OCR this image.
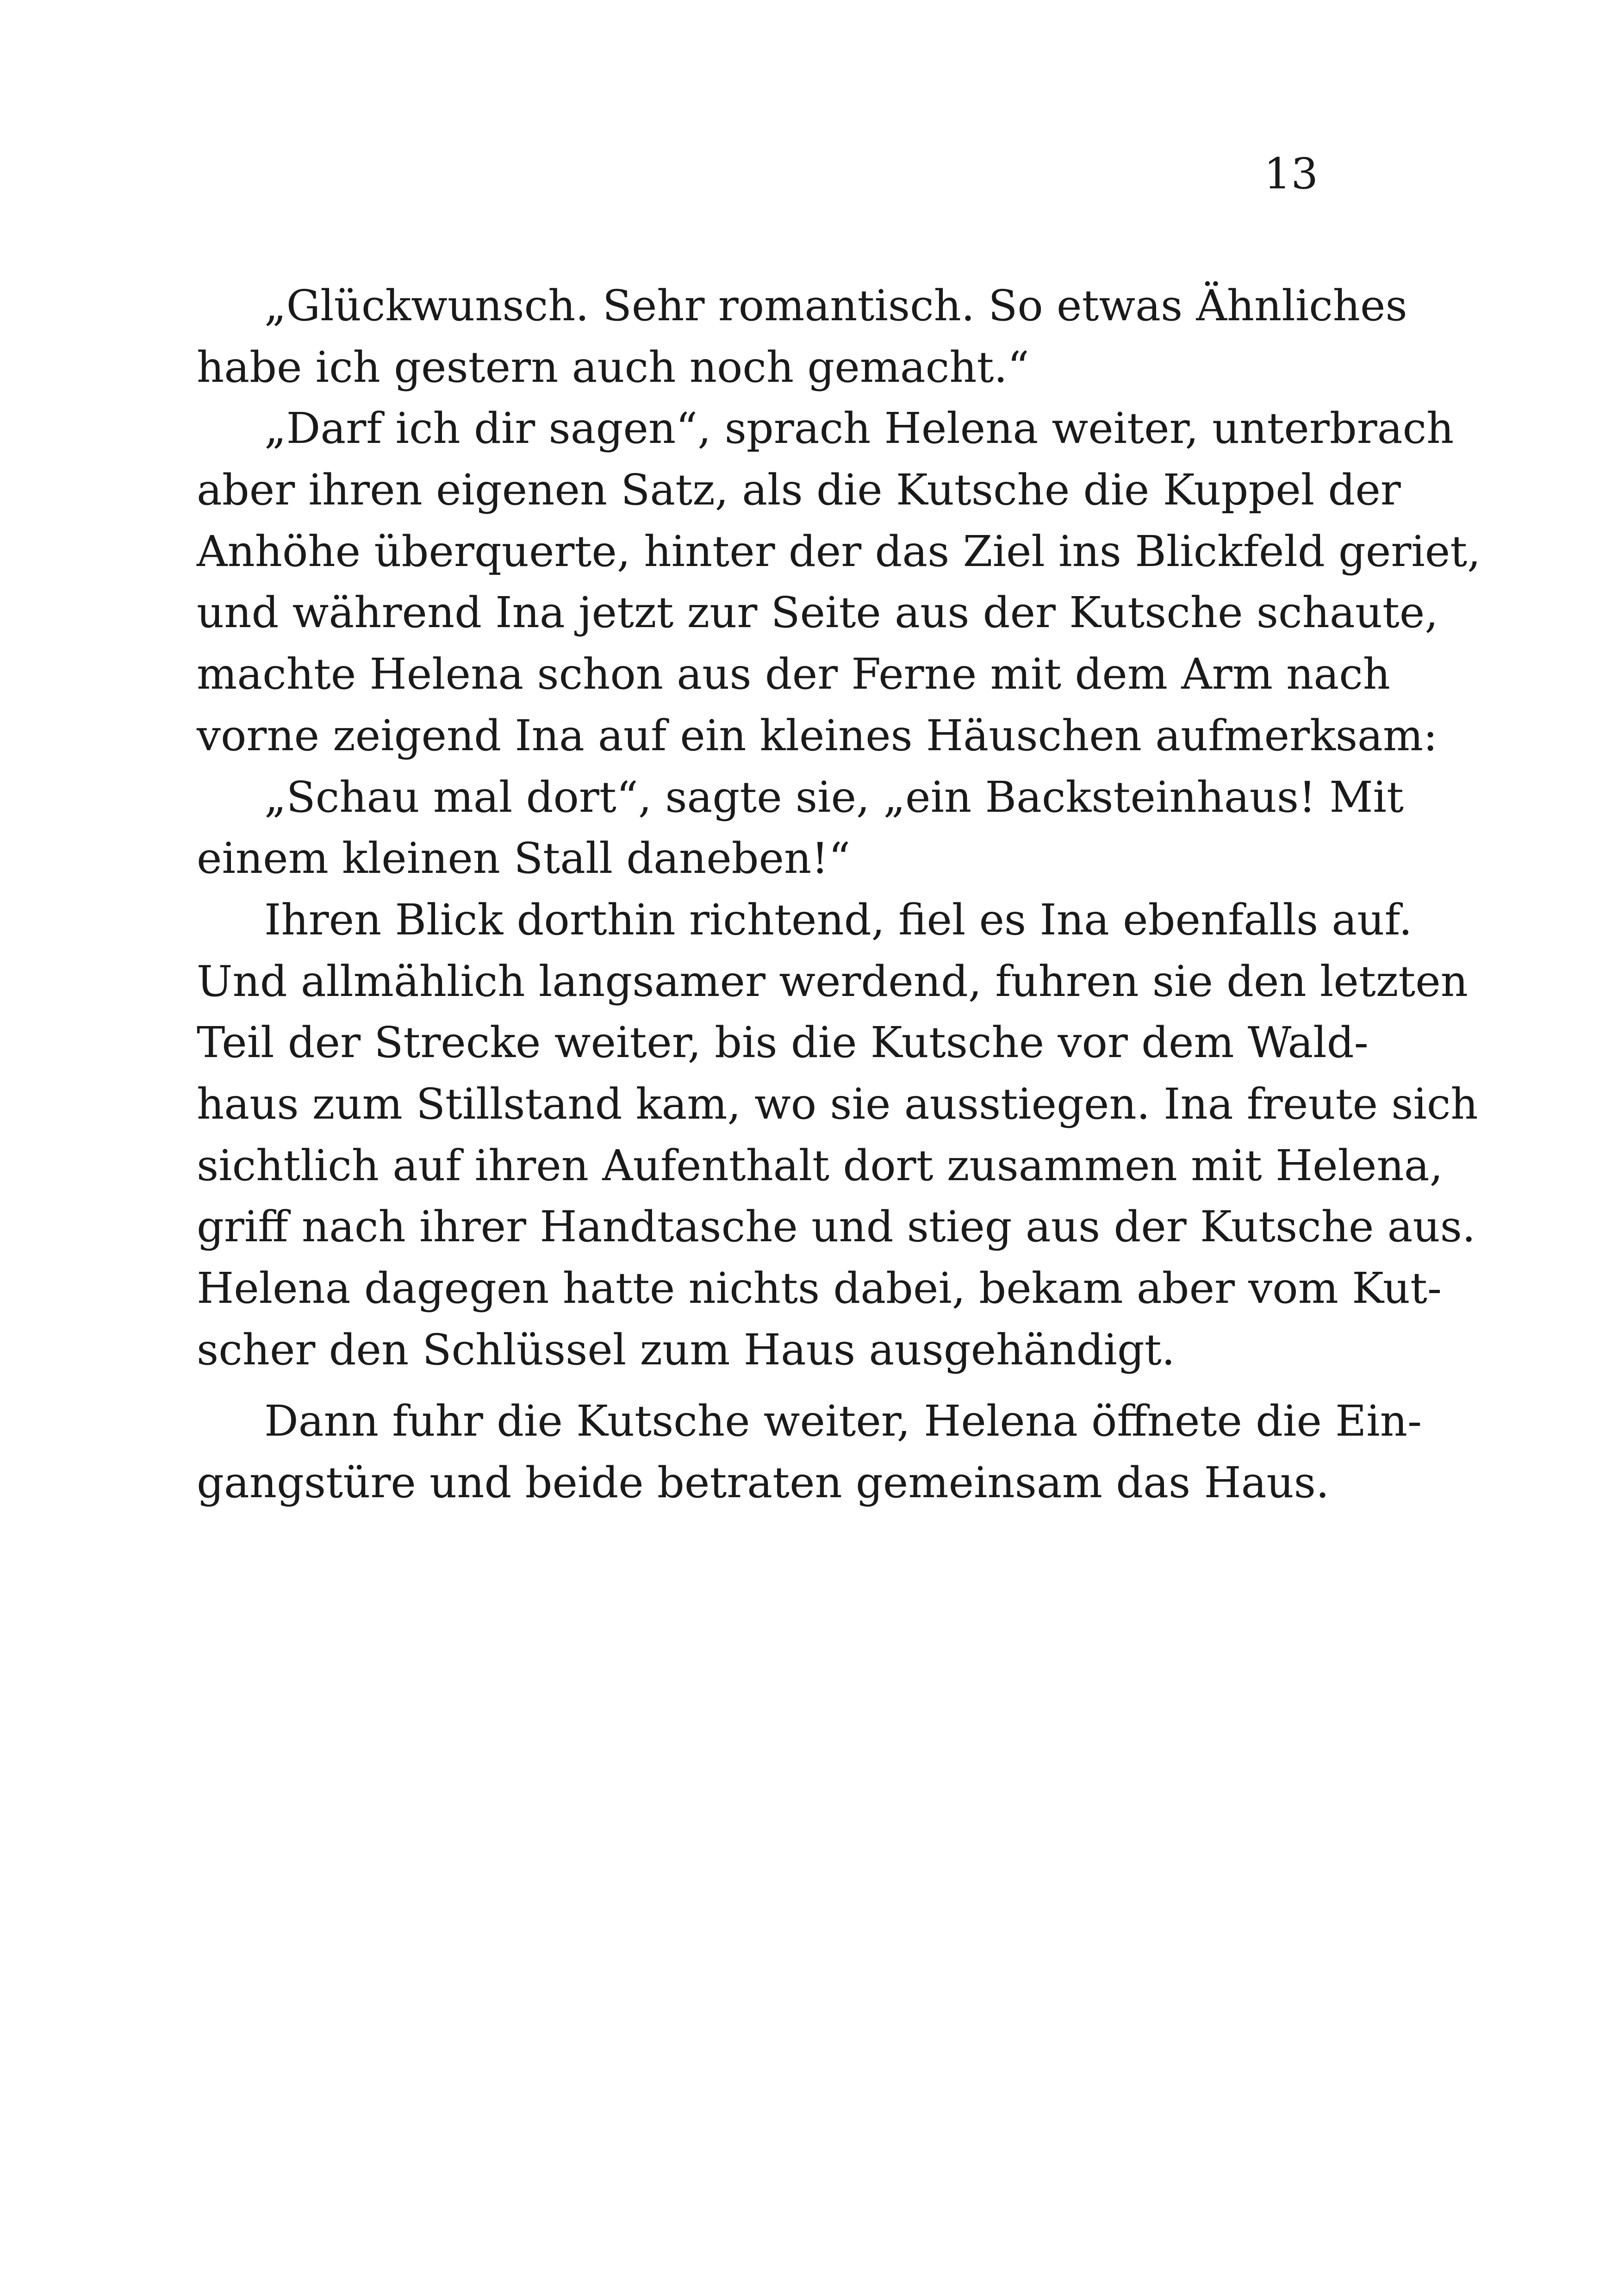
13

„Glückwunsch. Sehr romantisch. So etwas Ähnliches
habe ich gestern auch noch gemacht.“
„Darf ich dir sagen“, sprach Helena weiter, unterbrach
aber ihren eigenen Satz, als die Kutsche die Kuppel der
Anhöhe überquerte, hinter der das Ziel ins Blickfeld geriet,
und während Ina jetzt zur Seite aus der Kutsche schaute,
machte Helena schon aus der Ferne mit dem Arm nach
vorne zeigend Ina auf ein kleines Häuschen aufmerksam:
„Schau mal dort“, sagte sie, „ein Backsteinhaus! Mit
einem kleinen Stall daneben!“
Ihren Blick dorthin richtend, fiel es Ina ebenfalls auf.
Und allmählich langsamer werdend, fuhren sie den letzten
Teil der Strecke weiter, bis die Kutsche vor dem Wald-
haus zum Stillstand kam, wo sie ausstiegen. Ina freute sich
sichtlich auf ihren Aufenthalt dort zusammen mit Helena,
griff nach ihrer Handtasche und stieg aus der Kutsche aus.
Helena dagegen hatte nichts dabei, bekam aber vom Kut-
scher den Schlüssel zum Haus ausgehändigt.
Dann fuhr die Kutsche weiter, Helena öffnete die Ein-
gangstüre und beide betraten gemeinsam das Haus.
